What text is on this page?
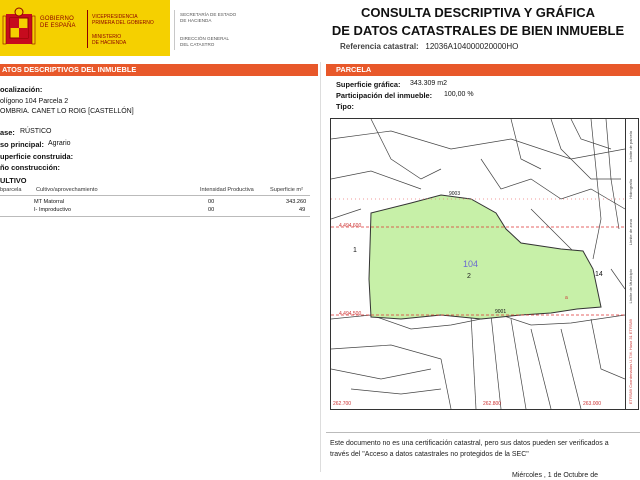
GOBIERNO
DE ESPAÑA
VICEPRESIDENCIA
PRIMERA DEL GOBIERNO
MINISTERIO
DE HACIENDA
SECRETARÍA DE ESTADO
DE HACIENDA
DIRECCIÓN GENERAL
DEL CATASTRO
CONSULTA DESCRIPTIVA Y GRÁFICA
DE DATOS CATASTRALES DE BIEN INMUEBLE
Referencia catastral: 12036A104000020000HO
ATOS DESCRIPTIVOS DEL INMUEBLE
ocalización:
olígono 104 Parcela 2
OMBRIA. CANET LO ROIG [CASTELLÓN]
ase: RÚSTICO
so principal: Agrario
uperficie construida:
ño construcción:
ULTIVO
bparcela	Cultivo/aprovechamiento	Intensidad Productiva	Superficie m²
MT Matorral	00	343.260
I- Improductivo	00	49
PARCELA
Superficie gráfica: 343.309 m2
Participación del inmueble: 100,00 %
Tipo:
104
2
1
14
9003
9001
a
4.494.600
4.494.500
262.700	262.800	263.000
Límite de parcela
Hidrografía
Límite de zona
Límite de Municipio
ETRS89 Coordenadas U.T.M. Huso 31 ETRS89
Este documento no es una certificación catastral, pero sus datos pueden ser verificados a
través del "Acceso a datos catastrales no protegidos de la SEC"
Miércoles , 1 de Octubre de
